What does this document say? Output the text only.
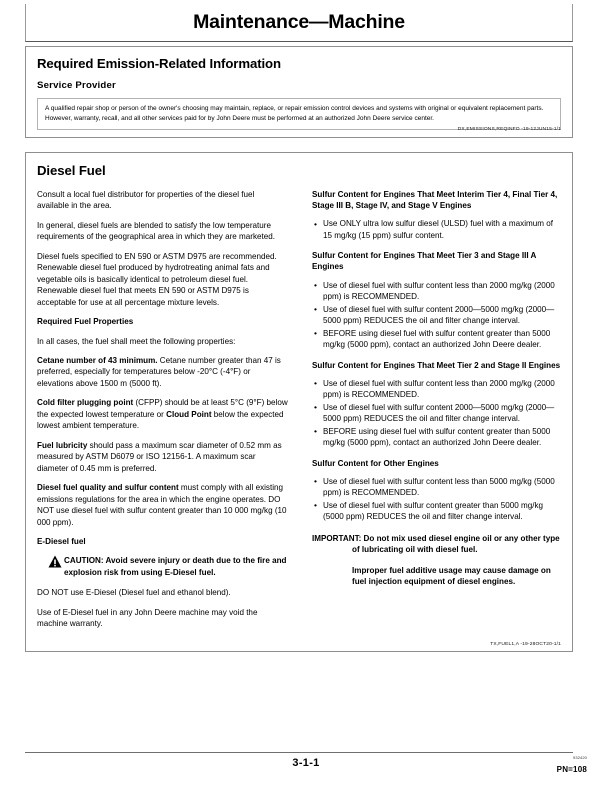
Maintenance—Machine
Required Emission-Related Information
Service Provider
A qualified repair shop or person of the owner's choosing may maintain, replace, or repair emission control devices and systems with original or equivalent replacement parts. However, warranty, recall, and all other services paid for by John Deere must be performed at an authorized John Deere service center.
DX,EMISSIONS,REQINFO -19-12JUN15-1/1
Diesel Fuel

Consult a local fuel distributor for properties of the diesel fuel available in the area.

In general, diesel fuels are blended to satisfy the low temperature requirements of the geographical area in which they are marketed.

Diesel fuels specified to EN 590 or ASTM D975 are recommended. Renewable diesel fuel produced by hydrotreating animal fats and vegetable oils is basically identical to petroleum diesel fuel. Renewable diesel fuel that meets EN 590 or ASTM D975 is acceptable for use at all percentage mixture levels.

Required Fuel Properties

In all cases, the fuel shall meet the following properties:

Cetane number of 43 minimum. Cetane number greater than 47 is preferred, especially for temperatures below -20°C (-4°F) or elevations above 1500 m (5000 ft).

Cold filter plugging point (CFPP) should be at least 5°C (9°F) below the expected lowest temperature or Cloud Point below the expected lowest ambient temperature.

Fuel lubricity should pass a maximum scar diameter of 0.52 mm as measured by ASTM D6079 or ISO 12156-1. A maximum scar diameter of 0.45 mm is preferred.

Diesel fuel quality and sulfur content must comply with all existing emissions regulations for the area in which the engine operates. DO NOT use diesel fuel with sulfur content greater than 10 000 mg/kg (10 000 ppm).

E-Diesel fuel
CAUTION: Avoid severe injury or death due to the fire and explosion risk from using E-Diesel fuel.

DO NOT use E-Diesel (Diesel fuel and ethanol blend).

Use of E-Diesel fuel in any John Deere machine may void the machine warranty.

Sulfur Content for Engines That Meet Interim Tier 4, Final Tier 4, Stage III B, Stage IV, and Stage V Engines
• Use ONLY ultra low sulfur diesel (ULSD) fuel with a maximum of 15 mg/kg (15 ppm) sulfur content.
Sulfur Content for Engines That Meet Tier 3 and Stage III A Engines
• Use of diesel fuel with sulfur content less than 2000 mg/kg (2000 ppm) is RECOMMENDED.
• Use of diesel fuel with sulfur content 2000—5000 mg/kg (2000—5000 ppm) REDUCES the oil and filter change interval.
• BEFORE using diesel fuel with sulfur content greater than 5000 mg/kg (5000 ppm), contact an authorized John Deere dealer.
Sulfur Content for Engines That Meet Tier 2 and Stage II Engines
• Use of diesel fuel with sulfur content less than 2000 mg/kg (2000 ppm) is RECOMMENDED.
• Use of diesel fuel with sulfur content 2000—5000 mg/kg (2000—5000 ppm) REDUCES the oil and filter change interval.
• BEFORE using diesel fuel with sulfur content greater than 5000 mg/kg (5000 ppm), contact an authorized John Deere dealer.
Sulfur Content for Other Engines
• Use of diesel fuel with sulfur content less than 5000 mg/kg (5000 ppm) is RECOMMENDED.
• Use of diesel fuel with sulfur content greater than 5000 mg/kg (5000 ppm) REDUCES the oil and filter change interval.

IMPORTANT: Do not mix used diesel engine oil or any other type of lubricating oil with diesel fuel.

Improper fuel additive usage may cause damage on fuel injection equipment of diesel engines.

TX,FUEL1,A -19-28OCT20-1/1
3-1-1	932420
PN=108
